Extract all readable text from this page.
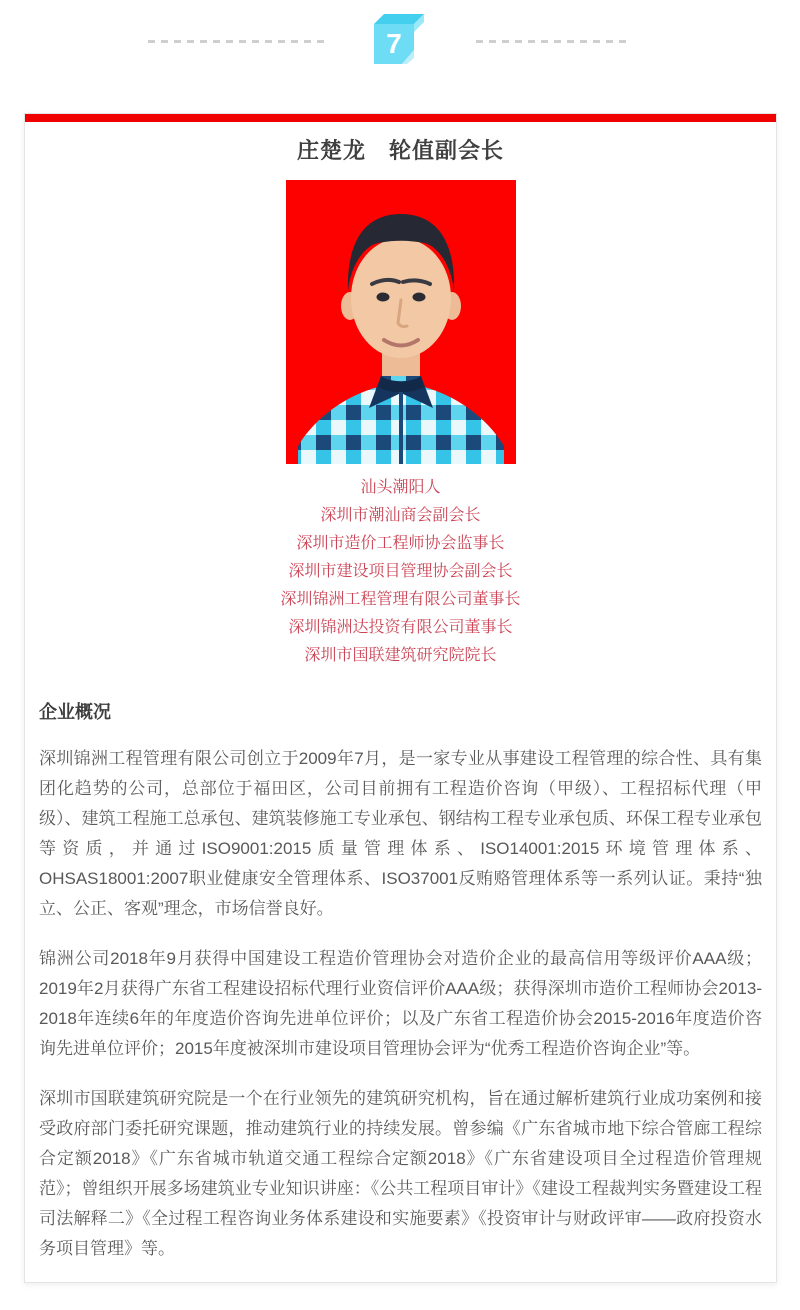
7
庄楚龙　轮值副会长
汕头潮阳人
深圳市潮汕商会副会长
深圳市造价工程师协会监事长
深圳市建设项目管理协会副会长
深圳锦洲工程管理有限公司董事长
深圳锦洲达投资有限公司董事长
深圳市国联建筑研究院院长
企业概况

深圳锦洲工程管理有限公司创立于2009年7月，是一家专业从事建设工程管理的综合性、具有集团化趋势的公司，总部位于福田区，公司目前拥有工程造价咨询（甲级）、工程招标代理（甲级）、建筑工程施工总承包、建筑装修施工专业承包、钢结构工程专业承包质、环保工程专业承包等资质，并通过ISO9001:2015质量管理体系、ISO14001:2015环境管理体系、OHSAS18001:2007职业健康安全管理体系、ISO37001反贿赂管理体系等一系列认证。秉持“独立、公正、客观”理念，市场信誉良好。

锦洲公司2018年9月获得中国建设工程造价管理协会对造价企业的最高信用等级评价AAA级；2019年2月获得广东省工程建设招标代理行业资信评价AAA级；获得深圳市造价工程师协会2013-2018年连续6年的年度造价咨询先进单位评价；以及广东省工程造价协会2015-2016年度造价咨询先进单位评价；2015年度被深圳市建设项目管理协会评为“优秀工程造价咨询企业”等。

深圳市国联建筑研究院是一个在行业领先的建筑研究机构，旨在通过解析建筑行业成功案例和接受政府部门委托研究课题，推动建筑行业的持续发展。曾参编《广东省城市地下综合管廊工程综合定额2018》《广东省城市轨道交通工程综合定额2018》《广东省建设项目全过程造价管理规范》；曾组织开展多场建筑业专业知识讲座：《公共工程项目审计》《建设工程裁判实务暨建设工程司法解释二》《全过程工程咨询业务体系建设和实施要素》《投资审计与财政评审——政府投资水务项目管理》等。
